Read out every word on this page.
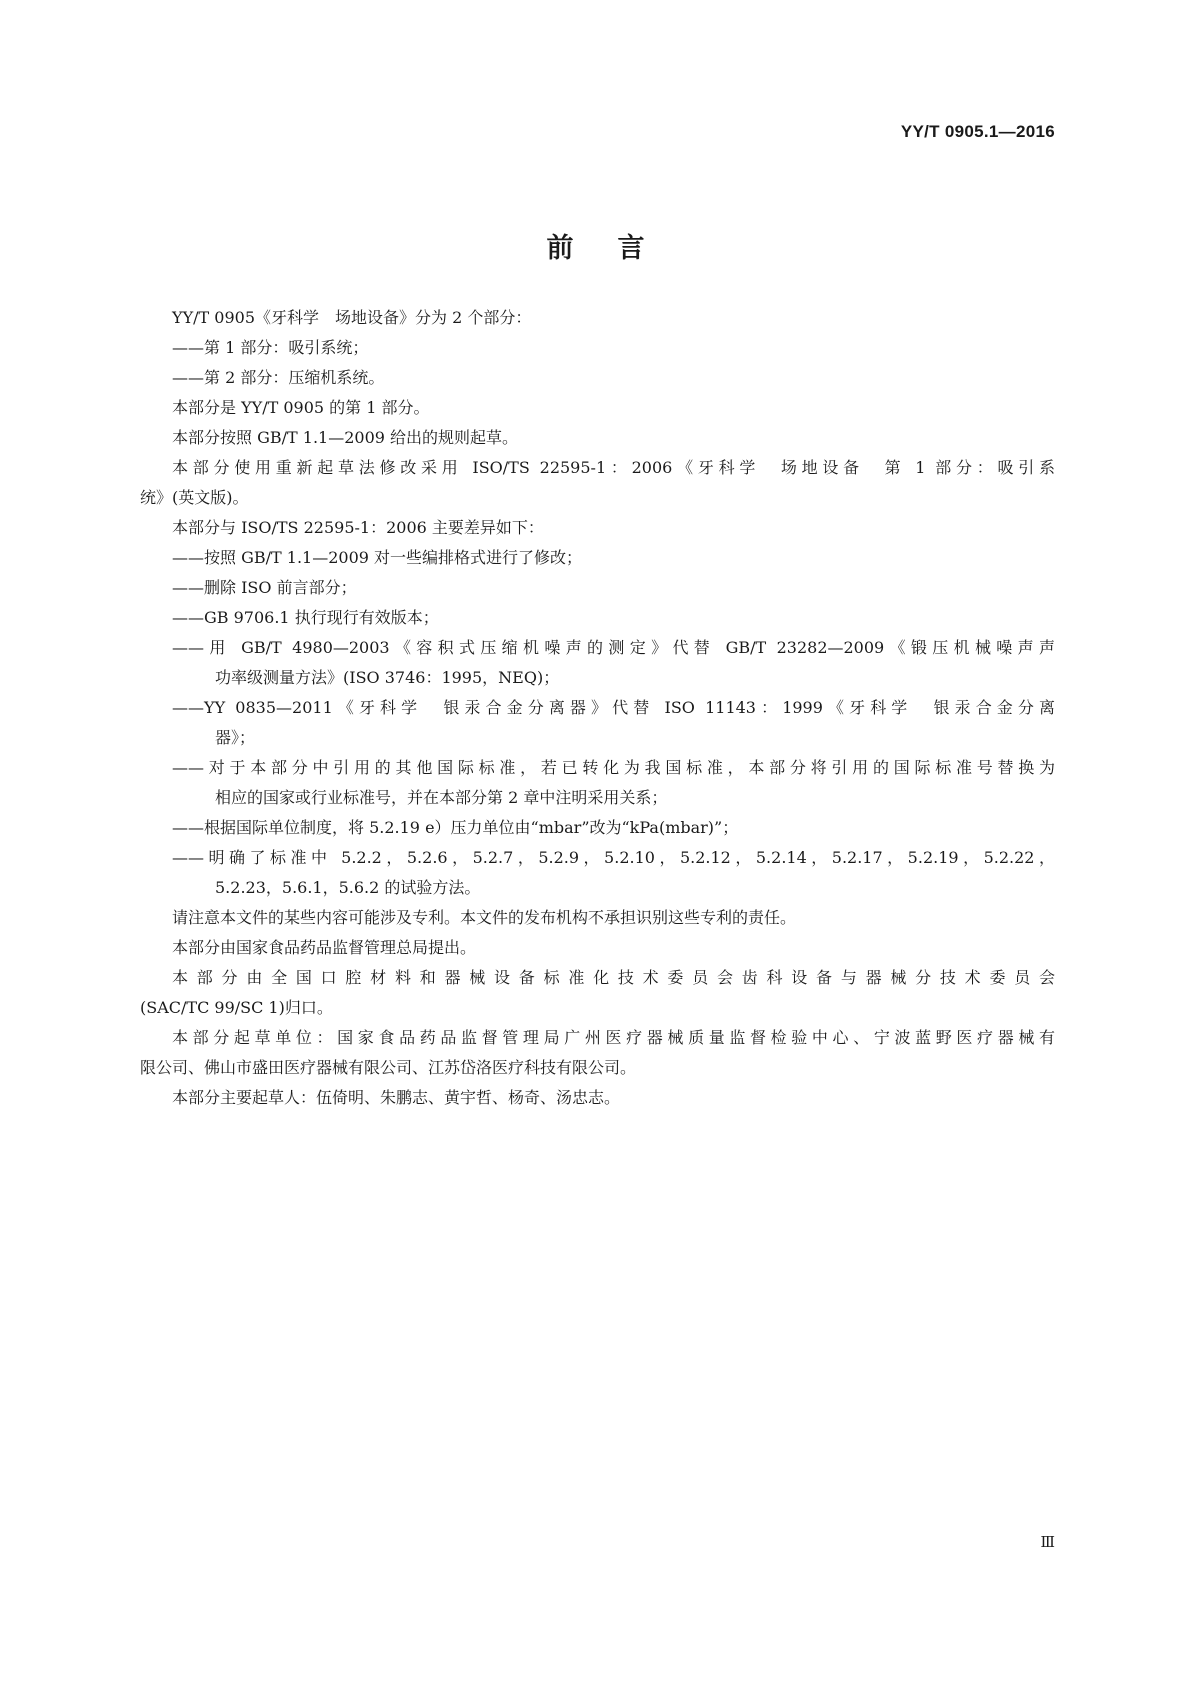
YY/T 0905.1—2016
前言
YY/T 0905《牙科学　场地设备》分为 2 个部分：
——第 1 部分：吸引系统；
——第 2 部分：压缩机系统。
本部分是 YY/T 0905 的第 1 部分。
本部分按照 GB/T 1.1—2009 给出的规则起草。
本部分使用重新起草法修改采用 ISO/TS 22595-1：2006《牙科学　场地设备　第 1 部分：吸引系
统》(英文版)。
本部分与 ISO/TS 22595-1：2006 主要差异如下：
——按照 GB/T 1.1—2009 对一些编排格式进行了修改；
——删除 ISO 前言部分；
——GB 9706.1 执行现行有效版本；
——用 GB/T 4980—2003《容积式压缩机噪声的测定》代替 GB/T 23282—2009《锻压机械噪声声
功率级测量方法》(ISO 3746：1995，NEQ)；
——YY 0835—2011《牙科学　银汞合金分离器》代替 ISO 11143：1999《牙科学　银汞合金分离
器》；
——对于本部分中引用的其他国际标准，若已转化为我国标准，本部分将引用的国际标准号替换为
相应的国家或行业标准号，并在本部分第 2 章中注明采用关系；
——根据国际单位制度，将 5.2.19 e）压力单位由“mbar”改为“kPa(mbar)”；
——明确了标准中 5.2.2，5.2.6，5.2.7，5.2.9，5.2.10，5.2.12，5.2.14，5.2.17，5.2.19，5.2.22，
5.2.23，5.6.1，5.6.2 的试验方法。
请注意本文件的某些内容可能涉及专利。本文件的发布机构不承担识别这些专利的责任。
本部分由国家食品药品监督管理总局提出。
本部分由全国口腔材料和器械设备标准化技术委员会齿科设备与器械分技术委员会
(SAC/TC 99/SC 1)归口。
本部分起草单位：国家食品药品监督管理局广州医疗器械质量监督检验中心、宁波蓝野医疗器械有
限公司、佛山市盛田医疗器械有限公司、江苏岱洛医疗科技有限公司。
本部分主要起草人：伍倚明、朱鹏志、黄宇哲、杨奇、汤忠志。
Ⅲ
